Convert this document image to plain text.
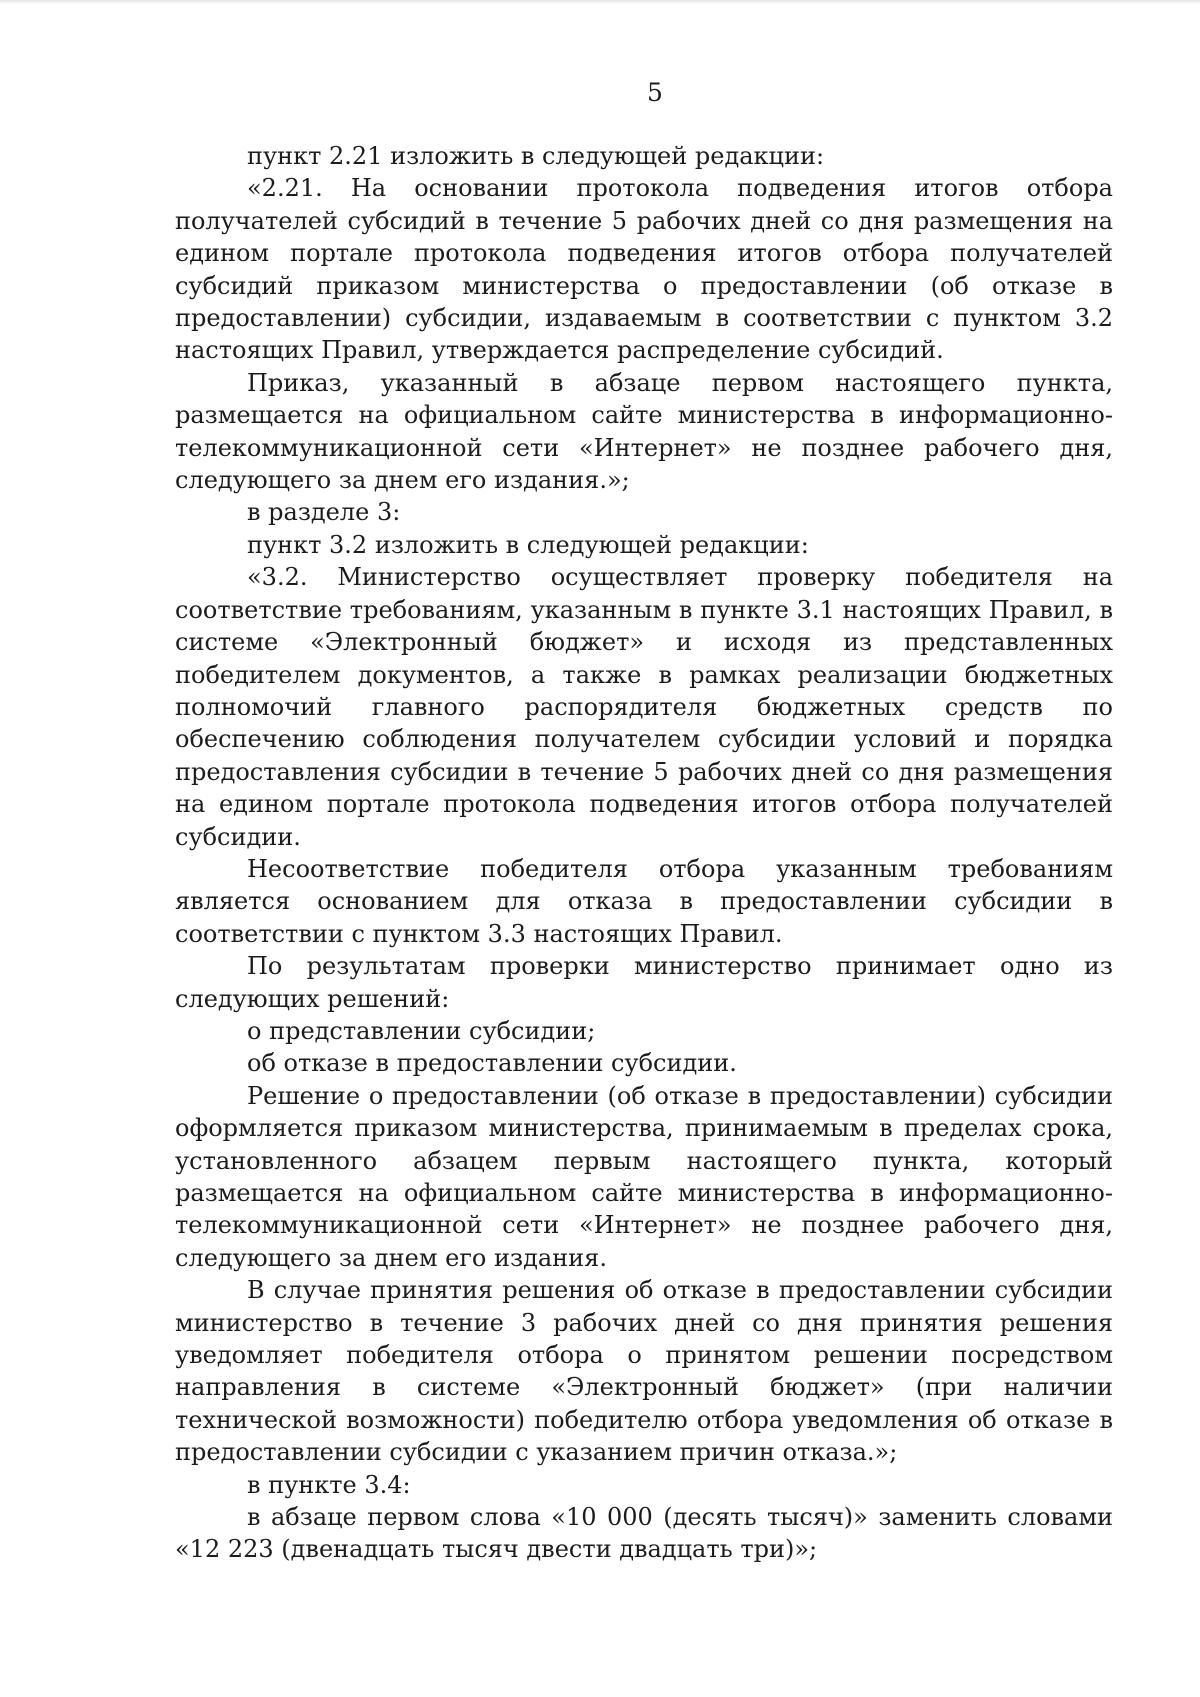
5

пункт 2.21 изложить в следующей редакции:

«2.21. На основании протокола подведения итогов отбора получателей субсидий в течение 5 рабочих дней со дня размещения на едином портале протокола подведения итогов отбора получателей субсидий приказом министерства о предоставлении (об отказе в предоставлении) субсидии, издаваемым в соответствии с пунктом 3.2 настоящих Правил, утверждается распределение субсидий.

Приказ, указанный в абзаце первом настоящего пункта, размещается на официальном сайте министерства в информационно-телекоммуникационной сети «Интернет» не позднее рабочего дня, следующего за днем его издания.»;

в разделе 3:

пункт 3.2 изложить в следующей редакции:

«3.2. Министерство осуществляет проверку победителя на соответствие требованиям, указанным в пункте 3.1 настоящих Правил, в системе «Электронный бюджет» и исходя из представленных победителем документов, а также в рамках реализации бюджетных полномочий главного распорядителя бюджетных средств по обеспечению соблюдения получателем субсидии условий и порядка предоставления субсидии в течение 5 рабочих дней со дня размещения на едином портале протокола подведения итогов отбора получателей субсидии.

Несоответствие победителя отбора указанным требованиям является основанием для отказа в предоставлении субсидии в соответствии с пунктом 3.3 настоящих Правил.

По результатам проверки министерство принимает одно из следующих решений:

о представлении субсидии;

об отказе в предоставлении субсидии.

Решение о предоставлении (об отказе в предоставлении) субсидии оформляется приказом министерства, принимаемым в пределах срока, установленного абзацем первым настоящего пункта, который размещается на официальном сайте министерства в информационно-телекоммуникационной сети «Интернет» не позднее рабочего дня, следующего за днем его издания.

В случае принятия решения об отказе в предоставлении субсидии министерство в течение 3 рабочих дней со дня принятия решения уведомляет победителя отбора о принятом решении посредством направления в системе «Электронный бюджет» (при наличии технической возможности) победителю отбора уведомления об отказе в предоставлении субсидии с указанием причин отказа.»;

в пункте 3.4:

в абзаце первом слова «10 000 (десять тысяч)» заменить словами «12 223 (двенадцать тысяч двести двадцать три)»;
